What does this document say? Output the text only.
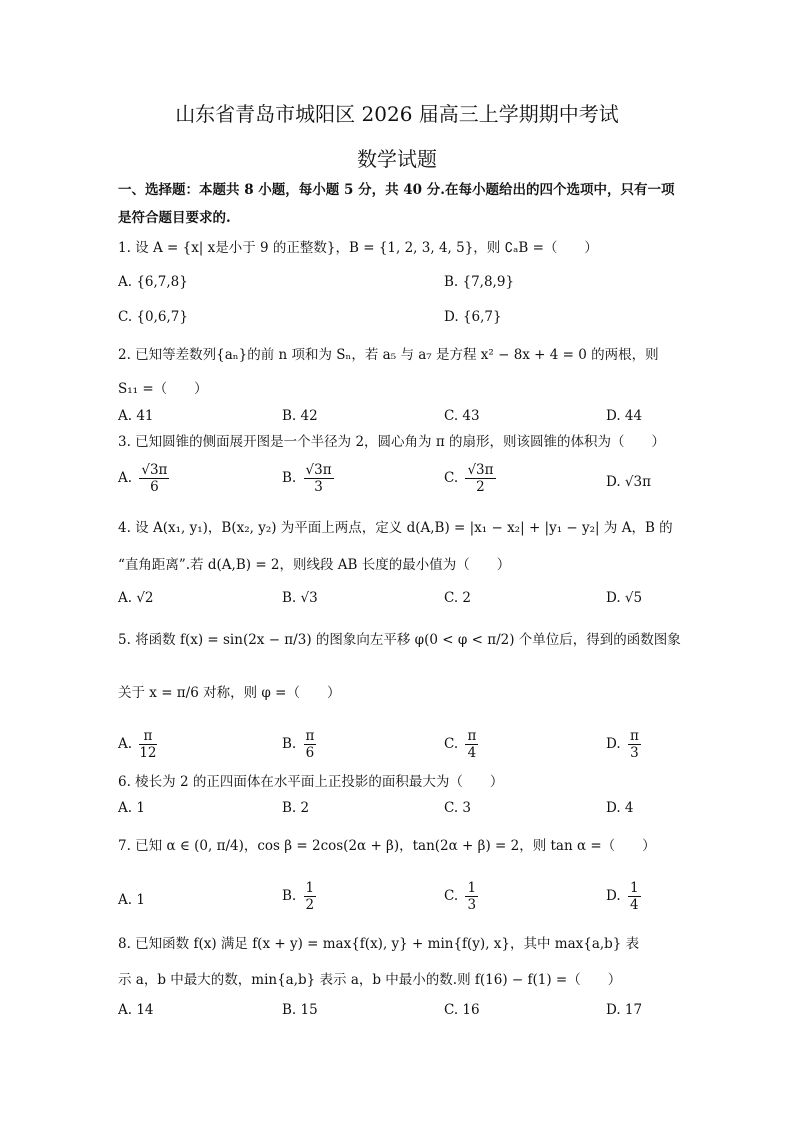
山东省青岛市城阳区 2026 届高三上学期期中考试
数学试题
一、选择题：本题共 8 小题，每小题 5 分，共 40 分.在每小题给出的四个选项中，只有一项是符合题目要求的.
1. 设 A = {x| x是小于 9 的正整数}，B = {1, 2, 3, 4, 5}，则 ∁ₐB =（　　）
A. {6,7,8}	B. {7,8,9}
C. {0,6,7}	D. {6,7}
2. 已知等差数列{aₙ}的前 n 项和为 Sₙ，若 a₅ 与 a₇ 是方程 x² − 8x + 4 = 0 的两根，则
S₁₁ =（　　）
A. 41	B. 42	C. 43	D. 44
3. 已知圆锥的侧面展开图是一个半径为 2，圆心角为 π 的扇形，则该圆锥的体积为（　　）
A. $\frac{√3\pi}{6}$	B. $\frac{√3\pi}{3}$	C. $\frac{√3\pi}{2}$	D. √3π
4. 设 A(x₁, y₁)，B(x₂, y₂) 为平面上两点，定义 d(A,B) = |x₁ − x₂| + |y₁ − y₂| 为 A，B 的
“直角距离”.若 d(A,B) = 2，则线段 AB 长度的最小值为（　　）
A. √2	B. √3	C. 2	D. √5
5. 将函数 f(x) = sin(2x − π/3) 的图象向左平移 φ(0 < φ < π/2) 个单位后，得到的函数图象
关于 x = π/6 对称，则 φ =（　　）
A. $\frac{\pi}{12}$	B. $\frac{\pi}{6}$	C. $\frac{\pi}{4}$	D. $\frac{\pi}{3}$
6. 棱长为 2 的正四面体在水平面上正投影的面积最大为（　　）
A. 1	B. 2	C. 3	D. 4
7. 已知 α ∈ (0, π/4)，cos β = 2cos(2α + β)，tan(2α + β) = 2，则 tan α =（　　）
A. 1	B. $\frac{1}{2}$	C. $\frac{1}{3}$	D. $\frac{1}{4}$
8. 已知函数 f(x) 满足 f(x + y) = max{f(x), y} + min{f(y), x}，其中 max{a,b} 表
示 a，b 中最大的数，min{a,b} 表示 a，b 中最小的数.则 f(16) − f(1) =（　　）
A. 14	B. 15	C. 16	D. 17
